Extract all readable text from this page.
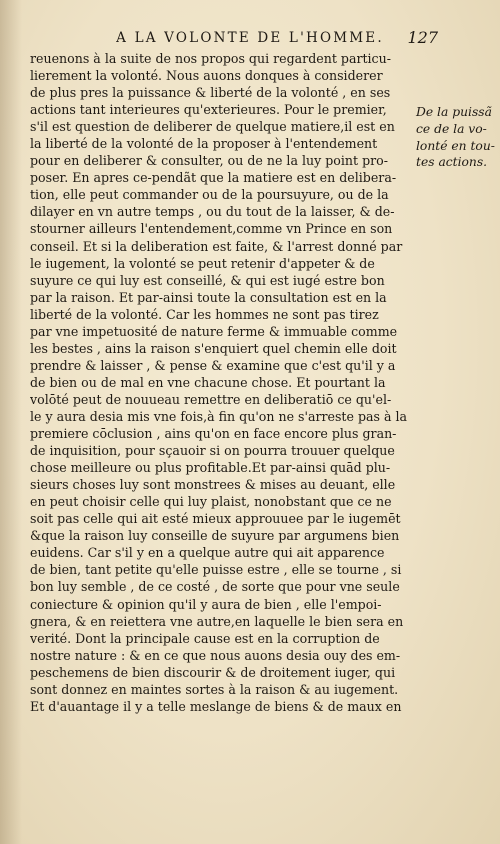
A LA VOLONTE DE L'HOMME.	127
reuenons à la suite de nos propos qui regardent particu-
lierement la volonté. Nous auons donques à considerer
de plus pres la puissance & liberté de la volonté , en ses
actions tant interieures qu'exterieures. Pour le premier,
s'il est question de deliberer de quelque matiere,il est en
la liberté de la volonté de la proposer à l'entendement
pour en deliberer & consulter, ou de ne la luy point pro-
poser. En apres ce-pendãt que la matiere est en delibera-
tion, elle peut commander ou de la poursuyure, ou de la
dilayer en vn autre temps , ou du tout de la laisser, & de-
stourner ailleurs l'entendement,comme vn Prince en son
conseil. Et si la deliberation est faite, & l'arrest donné par
le iugement, la volonté se peut retenir d'appeter & de
suyure ce qui luy est conseillé, & qui est iugé estre bon
par la raison. Et par-ainsi toute la consultation est en la
liberté de la volonté. Car les hommes ne sont pas tirez
par vne impetuosité de nature ferme & immuable comme
les bestes , ains la raison s'enquiert quel chemin elle doit
prendre & laisser , & pense & examine que c'est qu'il y a
de bien ou de mal en vne chacune chose. Et pourtant la
volōté peut de nouueau remettre en deliberatiō ce qu'el-
le y aura desia mis vne fois,à fin qu'on ne s'arreste pas à la
premiere cōclusion , ains qu'on en face encore plus gran-
de inquisition, pour sçauoir si on pourra trouuer quelque
chose meilleure ou plus profitable.Et par-ainsi quād plu-
sieurs choses luy sont monstrees & mises au deuant, elle
en peut choisir celle qui luy plaist, nonobstant que ce ne
soit pas celle qui ait esté mieux approuuee par le iugemēt
&que la raison luy conseille de suyure par argumens bien
euidens. Car s'il y en a quelque autre qui ait apparence
de bien, tant petite qu'elle puisse estre , elle se tourne , si
bon luy semble , de ce costé , de sorte que pour vne seule
coniecture & opinion qu'il y aura de bien , elle l'empoi-
gnera, & en reiettera vne autre,en laquelle le bien sera en
verité. Dont la principale cause est en la corruption de
nostre nature : & en ce que nous auons desia ouy des em-
peschemens de bien discourir & de droitement iuger, qui
sont donnez en maintes sortes à la raison & au iugement.
Et d'auantage il y a telle meslange de biens & de maux en
De la puissã
ce de la vo-
lonté en tou-
tes actions.
